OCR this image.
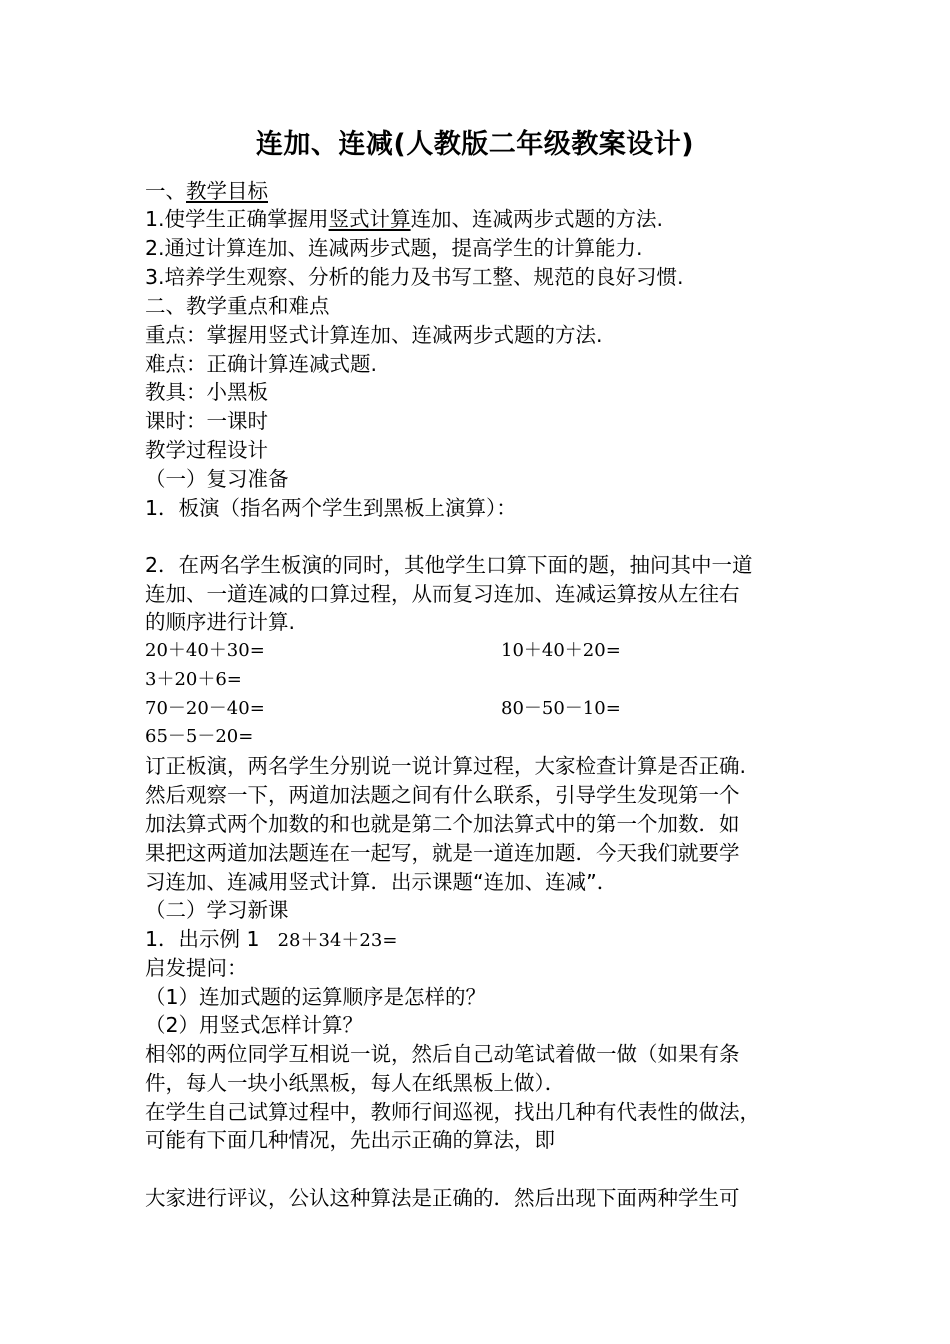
连加、连减(人教版二年级教案设计)
一、教学目标
1.使学生正确掌握用竖式计算连加、连减两步式题的方法.
2.通过计算连加、连减两步式题，提高学生的计算能力.
3.培养学生观察、分析的能力及书写工整、规范的良好习惯.
二、教学重点和难点
重点：掌握用竖式计算连加、连减两步式题的方法.
难点：正确计算连减式题.
教具：小黑板
课时：一课时
教学过程设计
（一）复习准备
1．板演（指名两个学生到黑板上演算）：
2．在两名学生板演的同时，其他学生口算下面的题，抽问其中一道
连加、一道连减的口算过程，从而复习连加、连减运算按从左往右
的顺序进行计算.
20＋40＋30=	10＋40＋20=
3＋20＋6=
70－20－40=	80－50－10=
65－5－20=
订正板演，两名学生分别说一说计算过程，大家检查计算是否正确.
然后观察一下，两道加法题之间有什么联系，引导学生发现第一个
加法算式两个加数的和也就是第二个加法算式中的第一个加数．如
果把这两道加法题连在一起写，就是一道连加题．今天我们就要学
习连加、连减用竖式计算．出示课题“连加、连减”．
（二）学习新课
1．出示例 1 28＋34＋23=
启发提问：
（1）连加式题的运算顺序是怎样的？
（2）用竖式怎样计算？
相邻的两位同学互相说一说，然后自己动笔试着做一做（如果有条
件，每人一块小纸黑板，每人在纸黑板上做）．
在学生自己试算过程中，教师行间巡视，找出几种有代表性的做法，
可能有下面几种情况，先出示正确的算法，即
大家进行评议，公认这种算法是正确的．然后出现下面两种学生可
